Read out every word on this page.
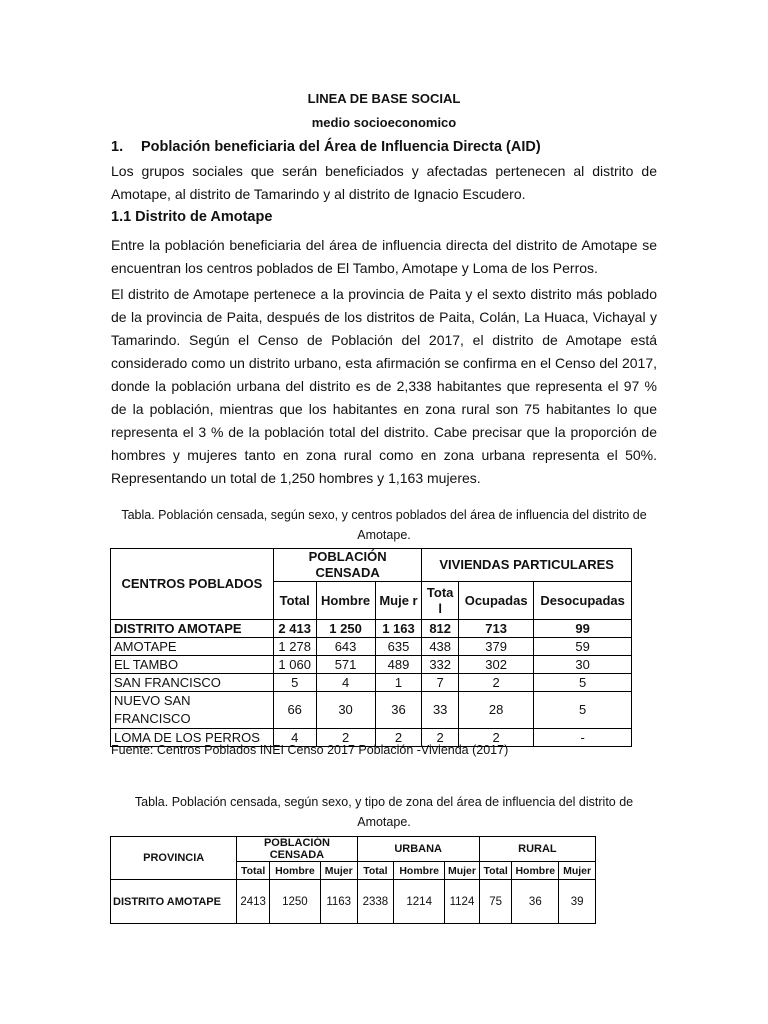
LINEA DE BASE SOCIAL
medio socioeconomico
1. Población beneficiaria del Área de Influencia Directa (AID)
Los grupos sociales que serán beneficiados y afectadas pertenecen al distrito de Amotape, al distrito de Tamarindo y al distrito de Ignacio Escudero.
1.1 Distrito de Amotape
Entre la población beneficiaria del área de influencia directa del distrito de Amotape se encuentran los centros poblados de El Tambo, Amotape y Loma de los Perros.
El distrito de Amotape pertenece a la provincia de Paita y el sexto distrito más poblado de la provincia de Paita, después de los distritos de Paita, Colán, La Huaca, Vichayal y Tamarindo. Según el Censo de Población del 2017, el distrito de Amotape está considerado como un distrito urbano, esta afirmación se confirma en el Censo del 2017, donde la población urbana del distrito es de 2,338 habitantes que representa el 97 % de la población, mientras que los habitantes en zona rural son 75 habitantes lo que representa el 3 % de la población total del distrito. Cabe precisar que la proporción de hombres y mujeres tanto en zona rural como en zona urbana representa el 50%. Representando un total de 1,250 hombres y 1,163 mujeres.
Tabla. Población censada, según sexo, y centros poblados del área de influencia del distrito de Amotape.
CENTROS POBLADOS	POBLACIÓN CENSADA			VIVIENDAS PARTICULARES		
	Total	Hombre	Muje r	Tota l	Ocupadas	Desocupadas
DISTRITO AMOTAPE	2 413	1 250	1 163	812	713	99
AMOTAPE	1 278	643	635	438	379	59
EL TAMBO	1 060	571	489	332	302	30
SAN FRANCISCO	5	4	1	7	2	5
NUEVO SAN FRANCISCO	66	30	36	33	28	5
LOMA DE LOS PERROS	4	2	2	2	2	-
Fuente: Centros Poblados INEI Censo 2017 Población -Vivienda (2017)
Tabla. Población censada, según sexo, y tipo de zona del área de influencia del distrito de Amotape.
PROVINCIA	POBLACIÓN CENSADA			URBANA			RURAL		
	Total	Hombre	Mujer	Total	Hombre	Mujer	Total	Hombre	Mujer
DISTRITO AMOTAPE	2413	1250	1163	2338	1214	1124	75	36	39
